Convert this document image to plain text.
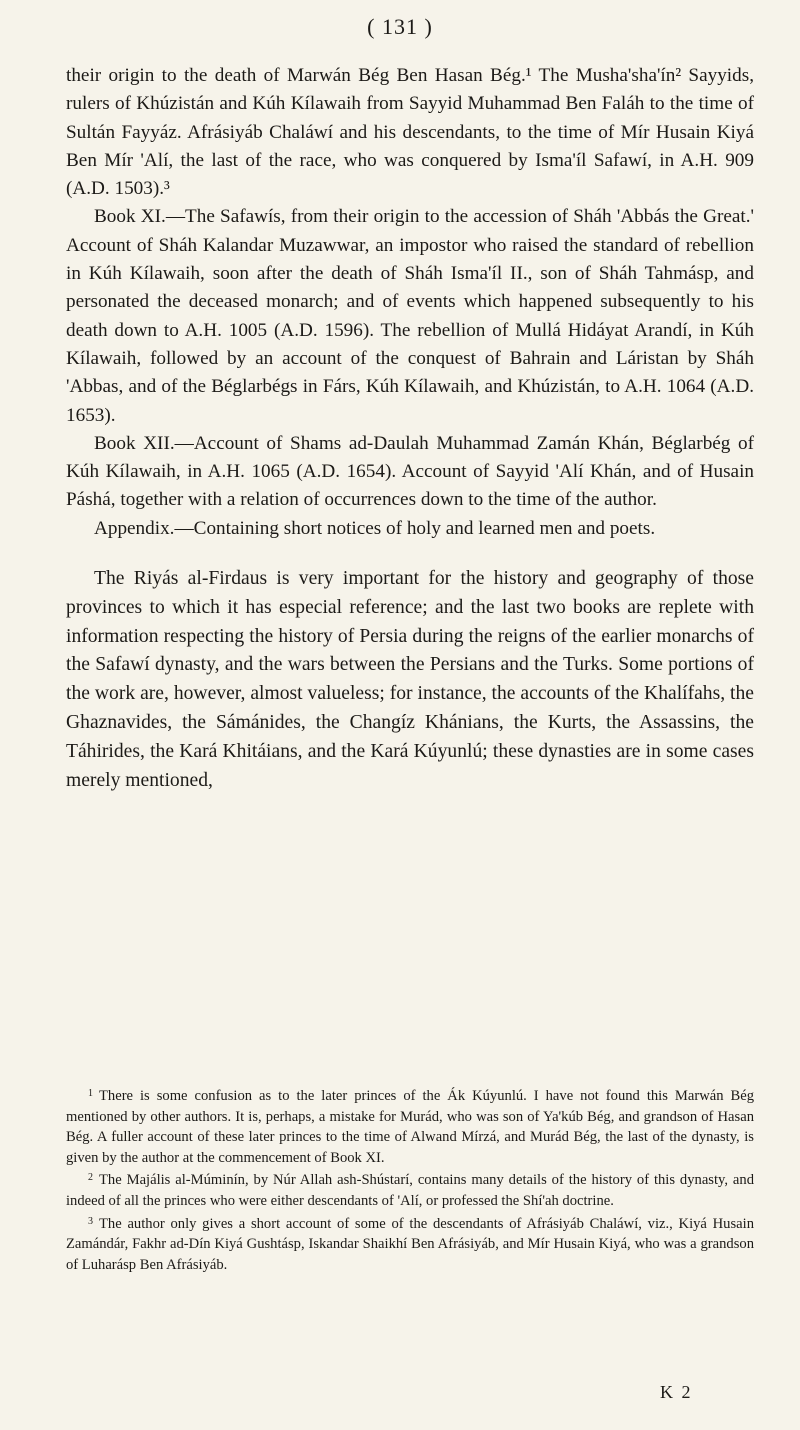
( 131 )

their origin to the death of Marwán Bég Ben Hasan Bég.¹ The Musha'sha'ín² Sayyids, rulers of Khúzistán and Kúh Kílawaih from Sayyid Muhammad Ben Faláh to the time of Sultán Fayyáz. Afrásiyáb Chaláwí and his descendants, to the time of Mír Husain Kiyá Ben Mír 'Alí, the last of the race, who was conquered by Isma'íl Safawí, in A.H. 909 (A.D. 1503).³

Book XI.—The Safawís, from their origin to the accession of Sháh 'Abbás the Great.' Account of Sháh Kalandar Muzawwar, an impostor who raised the standard of rebellion in Kúh Kílawaih, soon after the death of Sháh Isma'íl II., son of Sháh Tahmásp, and personated the deceased monarch; and of events which happened subsequently to his death down to A.H. 1005 (A.D. 1596). The rebellion of Mullá Hidáyat Arandí, in Kúh Kílawaih, followed by an account of the conquest of Bahrain and Láristan by Sháh 'Abbas, and of the Béglarbégs in Fárs, Kúh Kílawaih, and Khúzistán, to A.H. 1064 (A.D. 1653).

Book XII.—Account of Shams ad-Daulah Muhammad Zamán Khán, Béglarbég of Kúh Kílawaih, in A.H. 1065 (A.D. 1654). Account of Sayyid 'Alí Khán, and of Husain Páshá, together with a relation of occurrences down to the time of the author.

Appendix.—Containing short notices of holy and learned men and poets.

The Riyás al-Firdaus is very important for the history and geography of those provinces to which it has especial reference; and the last two books are replete with information respecting the history of Persia during the reigns of the earlier monarchs of the Safawí dynasty, and the wars between the Persians and the Turks. Some portions of the work are, however, almost valueless; for instance, the accounts of the Khalífahs, the Ghaznavides, the Sámánides, the Changíz Khánians, the Kurts, the Assassins, the Táhirides, the Kará Khitáians, and the Kará Kúyunlú; these dynasties are in some cases merely mentioned,

$^1$ There is some confusion as to the later princes of the Ák Kúyunlú. I have not found this Marwán Bég mentioned by other authors. It is, perhaps, a mistake for Murád, who was son of Ya'kúb Bég, and grandson of Hasan Bég. A fuller account of these later princes to the time of Alwand Mírzá, and Murád Bég, the last of the dynasty, is given by the author at the commencement of Book XI.

$^2$ The Majális al-Múminín, by Núr Allah ash-Shústarí, contains many details of the history of this dynasty, and indeed of all the princes who were either descendants of 'Alí, or professed the Shí'ah doctrine.

$^3$ The author only gives a short account of some of the descendants of Afrásiyáb Chaláwí, viz., Kiyá Husain Zamándár, Fakhr ad-Dín Kiyá Gushtásp, Iskandar Shaikhí Ben Afrásiyáb, and Mír Husain Kiyá, who was a grandson of Luharásp Ben Afrásiyáb.

K 2
